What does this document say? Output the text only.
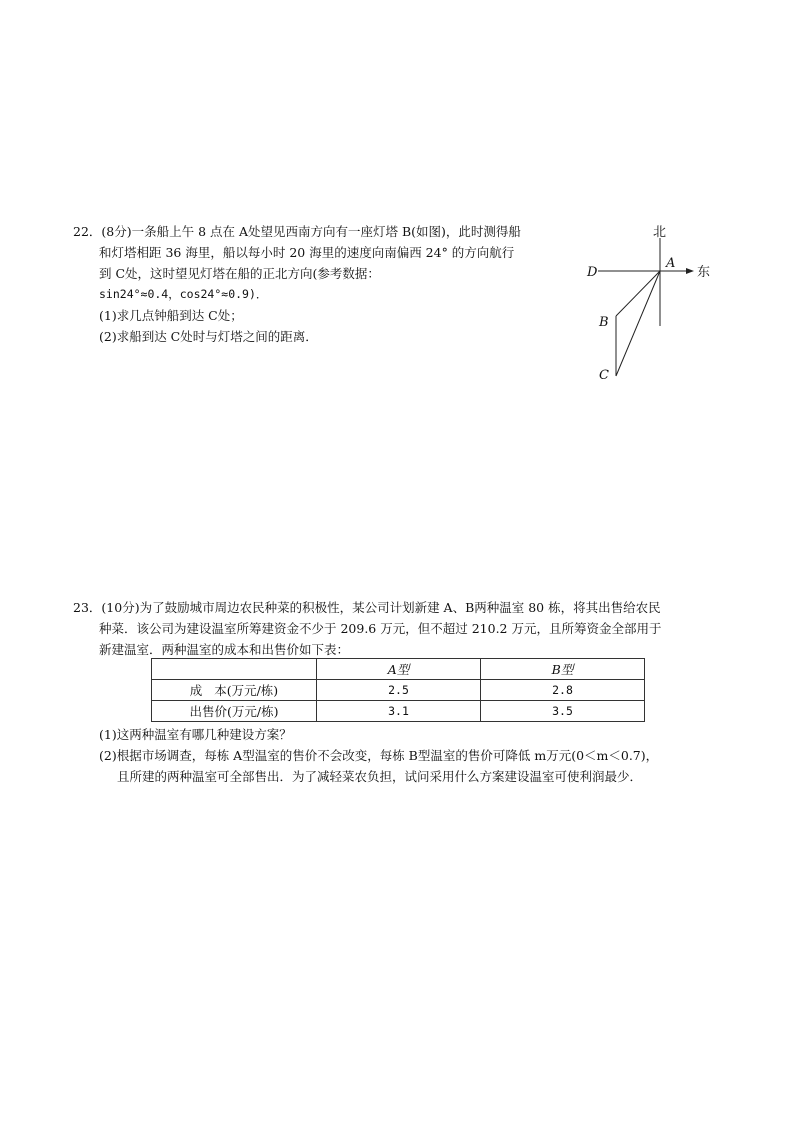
22．(8分)一条船上午 8 点在 A处望见西南方向有一座灯塔 B(如图)，此时测得船
和灯塔相距 36 海里，船以每小时 20 海里的速度向南偏西 24° 的方向航行
到 C处，这时望见灯塔在船的正北方向(参考数据：
sin24°≈0.4，cos24°≈0.9)．
(1)求几点钟船到达 C处；
(2)求船到达 C处时与灯塔之间的距离．
北
东
A
D
B
C
23．(10分)为了鼓励城市周边农民种菜的积极性，某公司计划新建 A、B两种温室 80 栋，将其出售给农民
种菜．该公司为建设温室所筹建资金不少于 209.6 万元，但不超过 210.2 万元，且所筹资金全部用于
新建温室．两种温室的成本和出售价如下表：
	A型	B型
成   本(万元/栋)	2.5	2.8
出售价(万元/栋)	3.1	3.5
(1)这两种温室有哪几种建设方案？
(2)根据市场调查，每栋 A型温室的售价不会改变，每栋 B型温室的售价可降低 m万元(0＜m＜0.7)，
且所建的两种温室可全部售出．为了减轻菜农负担，试问采用什么方案建设温室可使利润最少．
